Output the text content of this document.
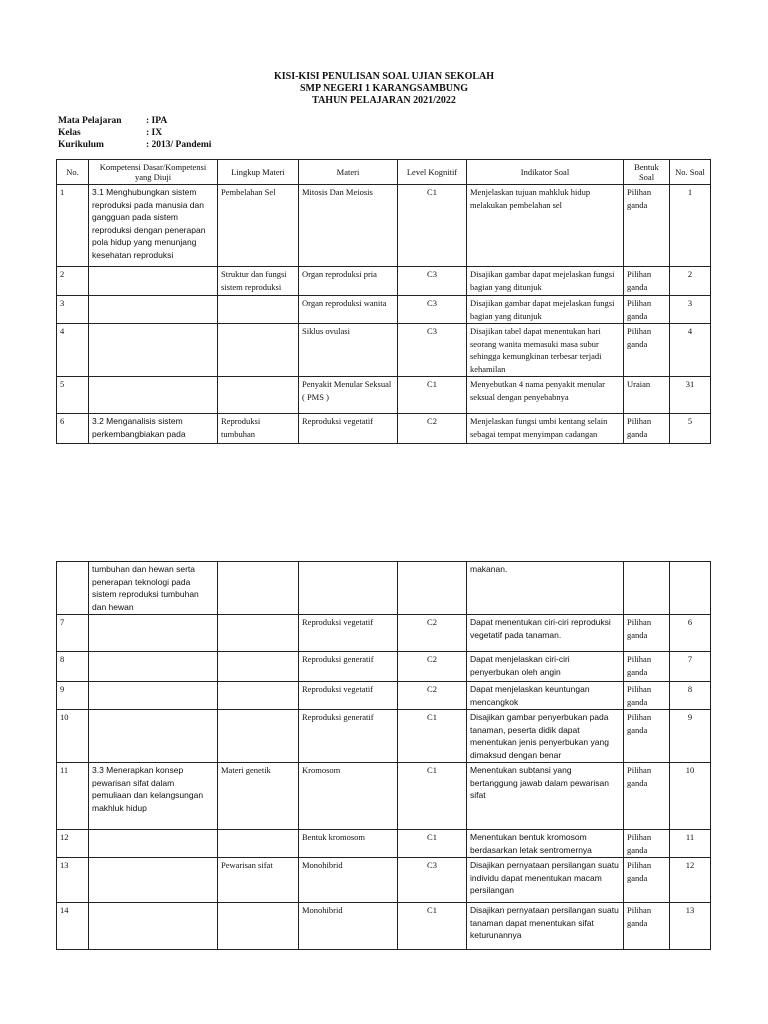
KISI-KISI PENULISAN SOAL UJIAN SEKOLAH
SMP NEGERI 1 KARANGSAMBUNG
TAHUN PELAJARAN 2021/2022
Mata Pelajaran	: IPA
Kelas	: IX
Kurikulum	: 2013/ Pandemi
No.	Kompetensi Dasar/Kompetensi yang Diuji	Lingkup Materi	Materi	Level Kognitif	Indikator Soal	Bentuk Soal	No. Soal
1	3.1 Menghubungkan sistem reproduksi pada manusia dan gangguan pada sistem reproduksi dengan penerapan pola hidup yang menunjang kesehatan reproduksi	Pembelahan Sel	Mitosis Dan Meiosis	C1	Menjelaskan tujuan mahkluk hidup melakukan pembelahan sel	Pilihan ganda	1
2		Struktur dan fungsi sistem reproduksi	Organ reproduksi pria	C3	Disajikan gambar dapat mejelaskan fungsi bagian yang ditunjuk	Pilihan ganda	2
3			Organ reproduksi wanita	C3	Disajikan gambar dapat mejelaskan fungsi bagian yang ditunjuk	Pilihan ganda	3
4			Siklus ovulasi	C3	Disajikan tabel dapat menentukan hari seorang wanita memasuki masa subur sehingga kemungkinan terbesar terjadi kehamilan	Pilihan ganda	4
5			Penyakit Menular Seksual ( PMS )	C1	Menyebutkan 4 nama penyakit menular seksual dengan penyebabnya	Uraian	31
6	3.2 Menganalisis sistem perkembangbiakan pada	Reproduksi tumbuhan	Reproduksi vegetatif	C2	Menjelaskan fungsi umbi kentang selain sebagai tempat menyimpan cadangan	Pilihan ganda	5
	tumbuhan dan hewan serta penerapan teknologi pada sistem reproduksi tumbuhan dan hewan				makanan.		
7			Reproduksi vegetatif	C2	Dapat menentukan ciri-ciri reproduksi vegetatif pada tanaman.	Pilihan ganda	6
8			Reproduksi generatif	C2	Dapat menjelaskan ciri-ciri penyerbukan oleh angin	Pilihan ganda	7
9			Reproduksi vegetatif	C2	Dapat menjelaskan keuntungan mencangkok	Pilihan ganda	8
10			Reproduksi generatif	C1	Disajikan gambar penyerbukan pada tanaman, peserta didik dapat menentukan jenis penyerbukan yang dimaksud dengan benar	Pilihan ganda	9
11	3.3 Menerapkan konsep pewarisan sifat dalam pemuliaan dan kelangsungan makhluk hidup	Materi genetik	Kromosom	C1	Menentukan subtansi yang bertanggung jawab dalam pewarisan sifat	Pilihan ganda	10
12			Bentuk kromosom	C1	Menentukan bentuk kromosom berdasarkan letak sentromernya	Pilihan ganda	11
13		Pewarisan sifat	Monohibrid	C3	Disajikan pernyataan persilangan suatu individu dapat menentukan macam persilangan	Pilihan ganda	12
14			Monohibrid	C1	Disajikan pernyataan persilangan suatu tanaman dapat menentukan sifat keturunannya	Pilihan ganda	13
